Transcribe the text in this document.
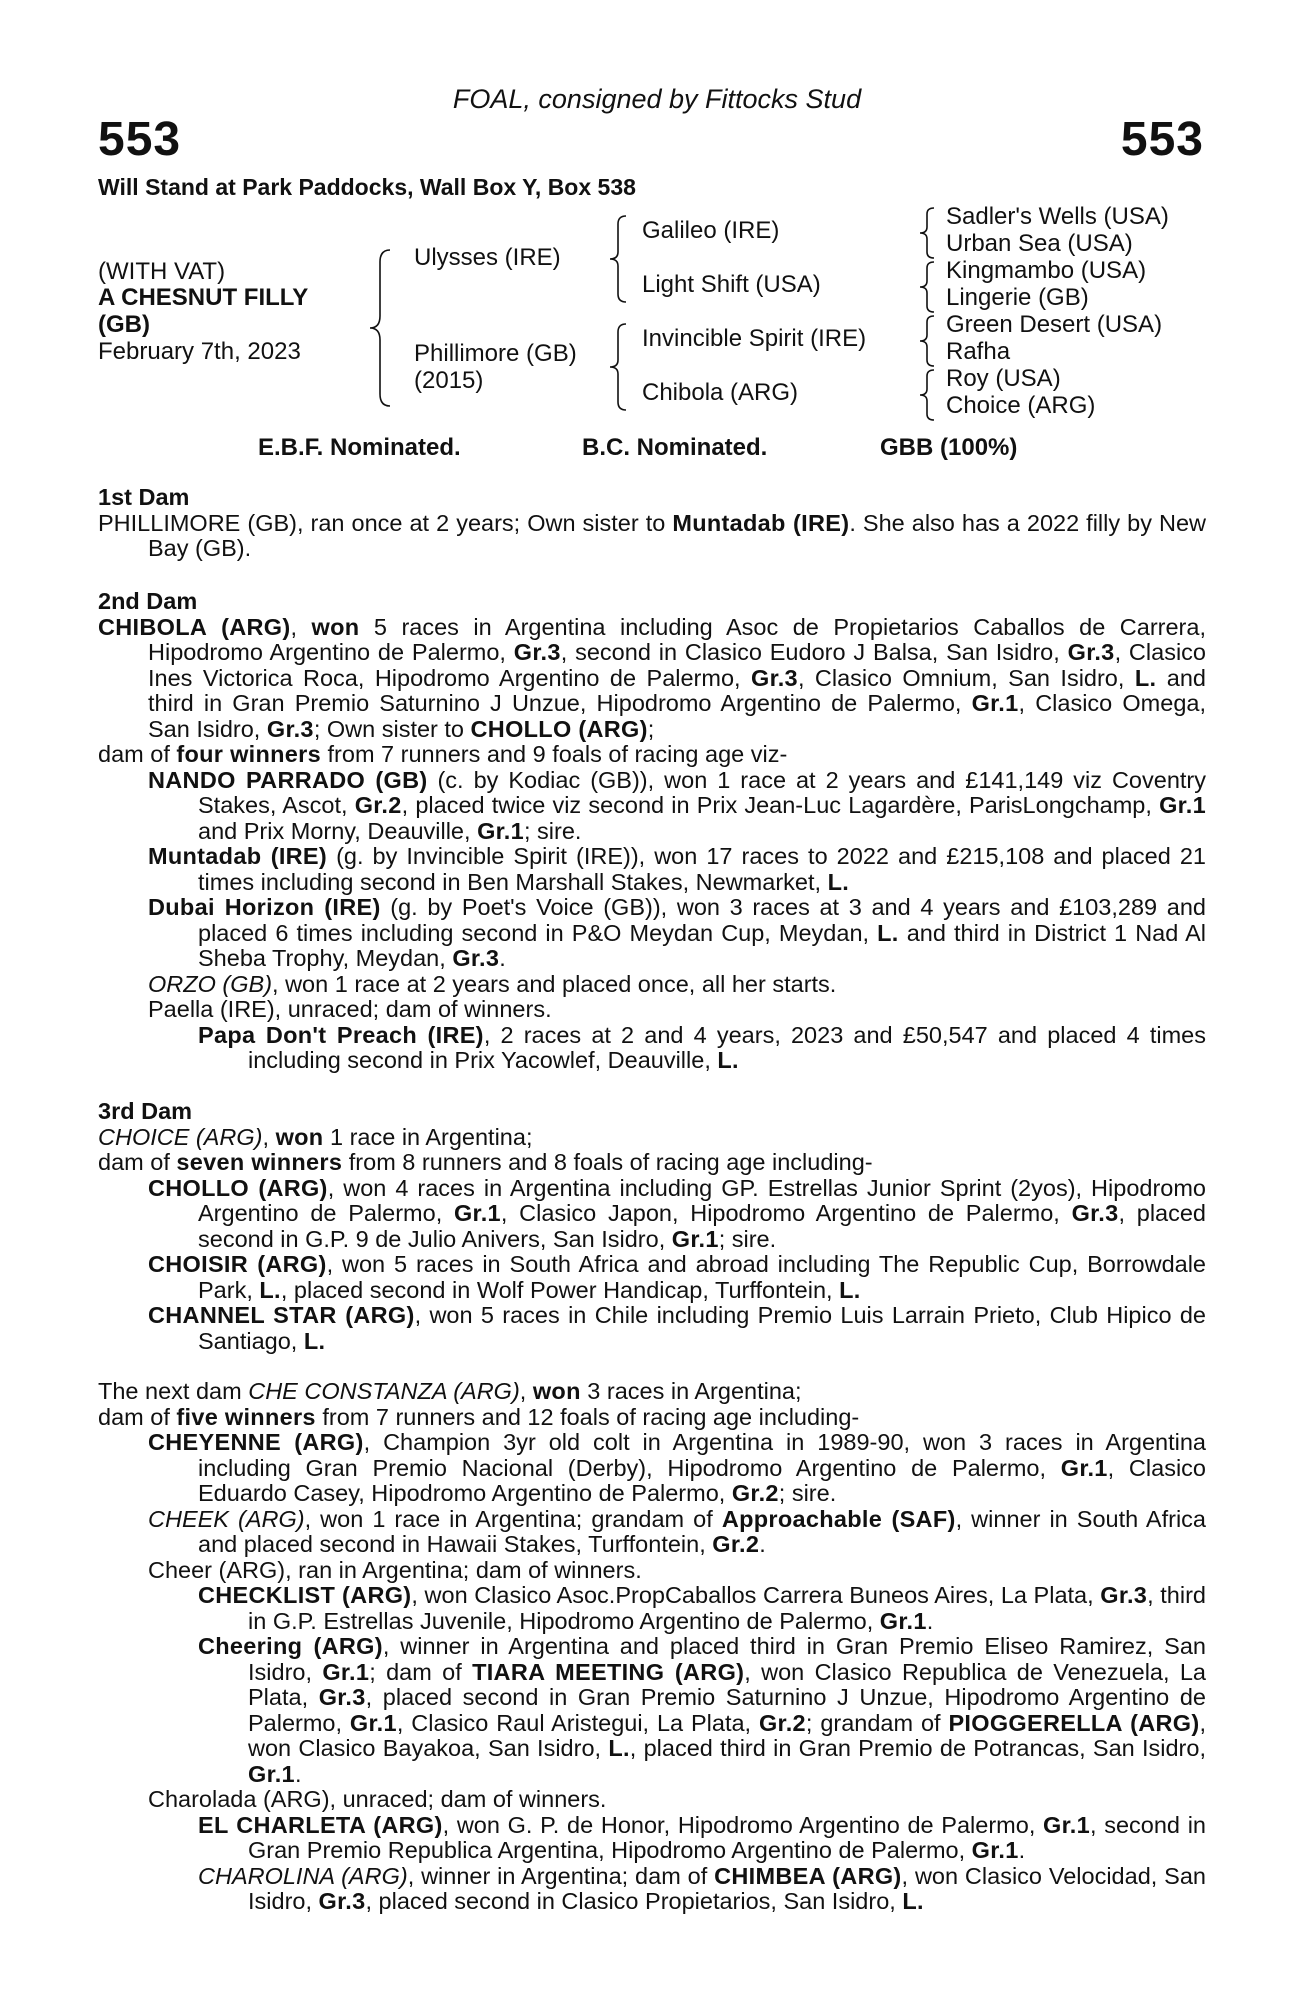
FOAL, consigned by Fittocks Stud
553	553
Will Stand at Park Paddocks, Wall Box Y, Box 538
(WITH VAT)
A CHESNUT FILLY
(GB)
February 7th, 2023
Ulysses (IRE)
Phillimore (GB)
(2015)
Galileo (IRE)
Light Shift (USA)
Invincible Spirit (IRE)
Chibola (ARG)
Sadler's Wells (USA)
Urban Sea (USA)
Kingmambo (USA)
Lingerie (GB)
Green Desert (USA)
Rafha
Roy (USA)
Choice (ARG)
E.B.F. Nominated.	B.C. Nominated.	GBB (100%)

1st Dam

PHILLIMORE (GB), ran once at 2 years; Own sister to Muntadab (IRE). She also has a 2022 filly by New Bay (GB).

2nd Dam

CHIBOLA (ARG), won 5 races in Argentina including Asoc de Propietarios Caballos de Carrera, Hipodromo Argentino de Palermo, Gr.3, second in Clasico Eudoro J Balsa, San Isidro, Gr.3, Clasico Ines Victorica Roca, Hipodromo Argentino de Palermo, Gr.3, Clasico Omnium, San Isidro, L. and third in Gran Premio Saturnino J Unzue, Hipodromo Argentino de Palermo, Gr.1, Clasico Omega, San Isidro, Gr.3; Own sister to CHOLLO (ARG);

dam of four winners from 7 runners and 9 foals of racing age viz-

NANDO PARRADO (GB) (c. by Kodiac (GB)), won 1 race at 2 years and £141,149 viz Coventry Stakes, Ascot, Gr.2, placed twice viz second in Prix Jean-Luc Lagardère, ParisLongchamp, Gr.1 and Prix Morny, Deauville, Gr.1; sire.

Muntadab (IRE) (g. by Invincible Spirit (IRE)), won 17 races to 2022 and £215,108 and placed 21 times including second in Ben Marshall Stakes, Newmarket, L.

Dubai Horizon (IRE) (g. by Poet's Voice (GB)), won 3 races at 3 and 4 years and £103,289 and placed 6 times including second in P&O Meydan Cup, Meydan, L. and third in District 1 Nad Al Sheba Trophy, Meydan, Gr.3.

ORZO (GB), won 1 race at 2 years and placed once, all her starts.

Paella (IRE), unraced; dam of winners.

Papa Don't Preach (IRE), 2 races at 2 and 4 years, 2023 and £50,547 and placed 4 times including second in Prix Yacowlef, Deauville, L.

3rd Dam

CHOICE (ARG), won 1 race in Argentina;

dam of seven winners from 8 runners and 8 foals of racing age including-

CHOLLO (ARG), won 4 races in Argentina including GP. Estrellas Junior Sprint (2yos), Hipodromo Argentino de Palermo, Gr.1, Clasico Japon, Hipodromo Argentino de Palermo, Gr.3, placed second in G.P. 9 de Julio Anivers, San Isidro, Gr.1; sire.

CHOISIR (ARG), won 5 races in South Africa and abroad including The Republic Cup, Borrowdale Park, L., placed second in Wolf Power Handicap, Turffontein, L.

CHANNEL STAR (ARG), won 5 races in Chile including Premio Luis Larrain Prieto, Club Hipico de Santiago, L.

The next dam CHE CONSTANZA (ARG), won 3 races in Argentina;

dam of five winners from 7 runners and 12 foals of racing age including-

CHEYENNE (ARG), Champion 3yr old colt in Argentina in 1989-90, won 3 races in Argentina including Gran Premio Nacional (Derby), Hipodromo Argentino de Palermo, Gr.1, Clasico Eduardo Casey, Hipodromo Argentino de Palermo, Gr.2; sire.

CHEEK (ARG), won 1 race in Argentina; grandam of Approachable (SAF), winner in South Africa and placed second in Hawaii Stakes, Turffontein, Gr.2.

Cheer (ARG), ran in Argentina; dam of winners.

CHECKLIST (ARG), won Clasico Asoc.PropCaballos Carrera Buneos Aires, La Plata, Gr.3, third in G.P. Estrellas Juvenile, Hipodromo Argentino de Palermo, Gr.1.

Cheering (ARG), winner in Argentina and placed third in Gran Premio Eliseo Ramirez, San Isidro, Gr.1; dam of TIARA MEETING (ARG), won Clasico Republica de Venezuela, La Plata, Gr.3, placed second in Gran Premio Saturnino J Unzue, Hipodromo Argentino de Palermo, Gr.1, Clasico Raul Aristegui, La Plata, Gr.2; grandam of PIOGGERELLA (ARG), won Clasico Bayakoa, San Isidro, L., placed third in Gran Premio de Potrancas, San Isidro, Gr.1.

Charolada (ARG), unraced; dam of winners.

EL CHARLETA (ARG), won G. P. de Honor, Hipodromo Argentino de Palermo, Gr.1, second in Gran Premio Republica Argentina, Hipodromo Argentino de Palermo, Gr.1.

CHAROLINA (ARG), winner in Argentina; dam of CHIMBEA (ARG), won Clasico Velocidad, San Isidro, Gr.3, placed second in Clasico Propietarios, San Isidro, L.
